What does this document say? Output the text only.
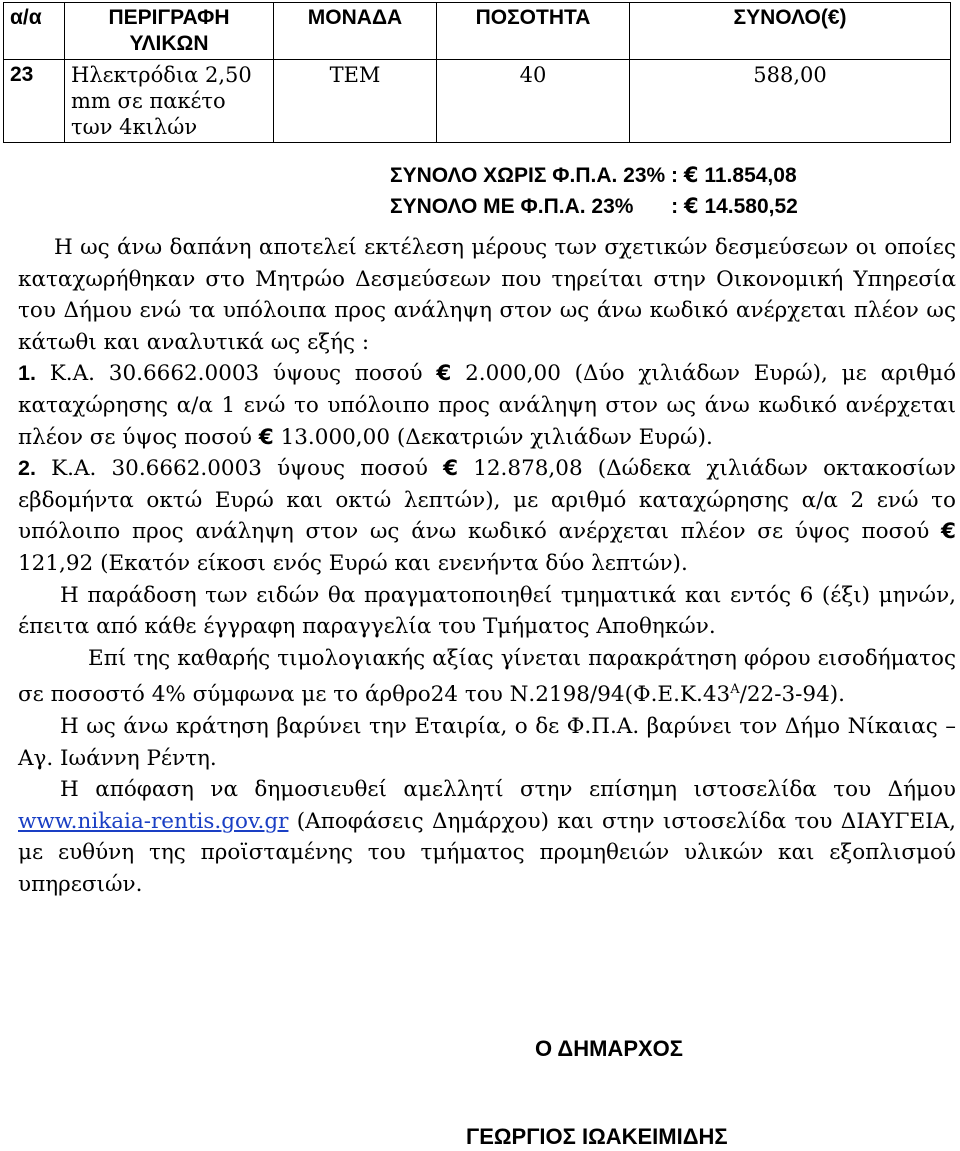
α/α	ΠΕΡΙΓΡΑΦΗ ΥΛΙΚΩΝ	ΜΟΝΑΔΑ	ΠΟΣΟΤΗΤΑ	ΣΥΝΟΛΟ(€)
23	Ηλεκτρόδια 2,50 mm σε πακέτο των 4κιλών	ΤΕΜ	40	588,00
ΣΥΝΟΛΟ ΧΩΡΙΣ Φ.Π.Α. 23% : € 11.854,08
ΣΥΝΟΛΟ ΜΕ Φ.Π.Α. 23% : € 14.580,52

Η ως άνω δαπάνη αποτελεί εκτέλεση μέρους των σχετικών δεσμεύσεων οι οποίες καταχωρήθηκαν στο Μητρώο Δεσμεύσεων που τηρείται στην Οικονομική Υπηρεσία του Δήμου ενώ τα υπόλοιπα προς ανάληψη στον ως άνω κωδικό ανέρχεται πλέον ως κάτωθι και αναλυτικά ως εξής :

1. Κ.Α. 30.6662.0003 ύψους ποσού € 2.000,00 (Δύο χιλιάδων Ευρώ), με αριθμό καταχώρησης α/α 1 ενώ το υπόλοιπο προς ανάληψη στον ως άνω κωδικό ανέρχεται πλέον σε ύψος ποσού € 13.000,00 (Δεκατριών χιλιάδων Ευρώ).

2. Κ.Α. 30.6662.0003 ύψους ποσού € 12.878,08 (Δώδεκα χιλιάδων οκτακοσίων εβδομήντα οκτώ Ευρώ και οκτώ λεπτών), με αριθμό καταχώρησης α/α 2 ενώ το υπόλοιπο προς ανάληψη στον ως άνω κωδικό ανέρχεται πλέον σε ύψος ποσού € 121,92 (Εκατόν είκοσι ενός Ευρώ και ενενήντα δύο λεπτών).

Η παράδοση των ειδών θα πραγματοποιηθεί τμηματικά και εντός 6 (έξι) μηνών, έπειτα από κάθε έγγραφη παραγγελία του Τμήματος Αποθηκών.

Επί της καθαρής τιμολογιακής αξίας γίνεται παρακράτηση φόρου εισοδήματος σε ποσοστό 4% σύμφωνα με το άρθρο24 του $N.2198/94(\Phi.E.K.43^A/22-3-94)$.

Η ως άνω κράτηση βαρύνει την Εταιρία, ο δε Φ.Π.Α. βαρύνει τον Δήμο Νίκαιας – Αγ. Ιωάννη Ρέντη.

Η απόφαση να δημοσιευθεί αμελλητί στην επίσημη ιστοσελίδα του Δήμου www.nikaia-rentis.gov.gr (Αποφάσεις Δημάρχου) και στην ιστοσελίδα του ΔΙΑΥΓΕΙΑ, με ευθύνη της προϊσταμένης του τμήματος προμηθειών υλικών και εξοπλισμού υπηρεσιών.

Ο ΔΗΜΑΡΧΟΣ
ΓΕΩΡΓΙΟΣ ΙΩΑΚΕΙΜΙΔΗΣ
